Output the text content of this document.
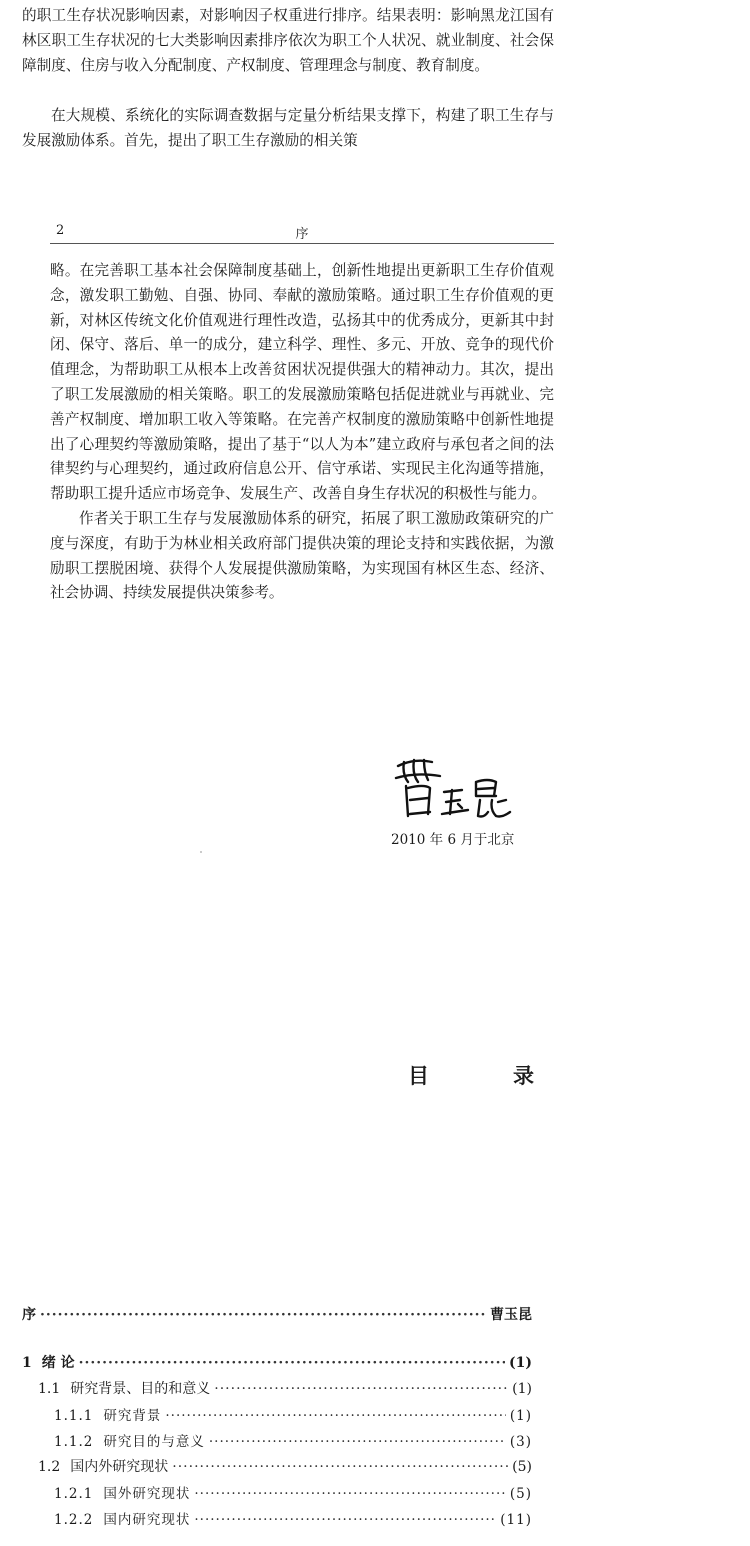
的职工生存状况影响因素，对影响因子权重进行排序。结果表明：影响黑龙江国有林区职工生存状况的七大类影响因素排序依次为职工个人状况、就业制度、社会保障制度、住房与收入分配制度、产权制度、管理理念与制度、教育制度。

在大规模、系统化的实际调查数据与定量分析结果支撑下，构建了职工生存与发展激励体系。首先，提出了职工生存激励的相关策

2	序

略。在完善职工基本社会保障制度基础上，创新性地提出更新职工生存价值观念，激发职工勤勉、自强、协同、奉献的激励策略。通过职工生存价值观的更新，对林区传统文化价值观进行理性改造，弘扬其中的优秀成分，更新其中封闭、保守、落后、单一的成分，建立科学、理性、多元、开放、竞争的现代价值理念，为帮助职工从根本上改善贫困状况提供强大的精神动力。其次，提出了职工发展激励的相关策略。职工的发展激励策略包括促进就业与再就业、完善产权制度、增加职工收入等策略。在完善产权制度的激励策略中创新性地提出了心理契约等激励策略，提出了基于“以人为本”建立政府与承包者之间的法律契约与心理契约，通过政府信息公开、信守承诺、实现民主化沟通等措施，帮助职工提升适应市场竞争、发展生产、改善自身生存状况的积极性与能力。

作者关于职工生存与发展激励体系的研究，拓展了职工激励政策研究的广度与深度，有助于为林业相关政府部门提供决策的理论支持和实践依据，为激励职工摆脱困境、获得个人发展提供激励策略，为实现国有林区生态、经济、社会协调、持续发展提供决策参考。

2010 年 6 月于北京
目	录
序 ·····	曹玉昆
1 绪 论 ·····	(1)
1.1 研究背景、目的和意义 ·····	(1)
1.1.1 研究背景 ·····	(1)
1.1.2 研究目的与意义 ·····	(3)
1.2 国内外研究现状 ·····	(5)
1.2.1 国外研究现状 ·····	(5)
1.2.2 国内研究现状 ·····	(11)
